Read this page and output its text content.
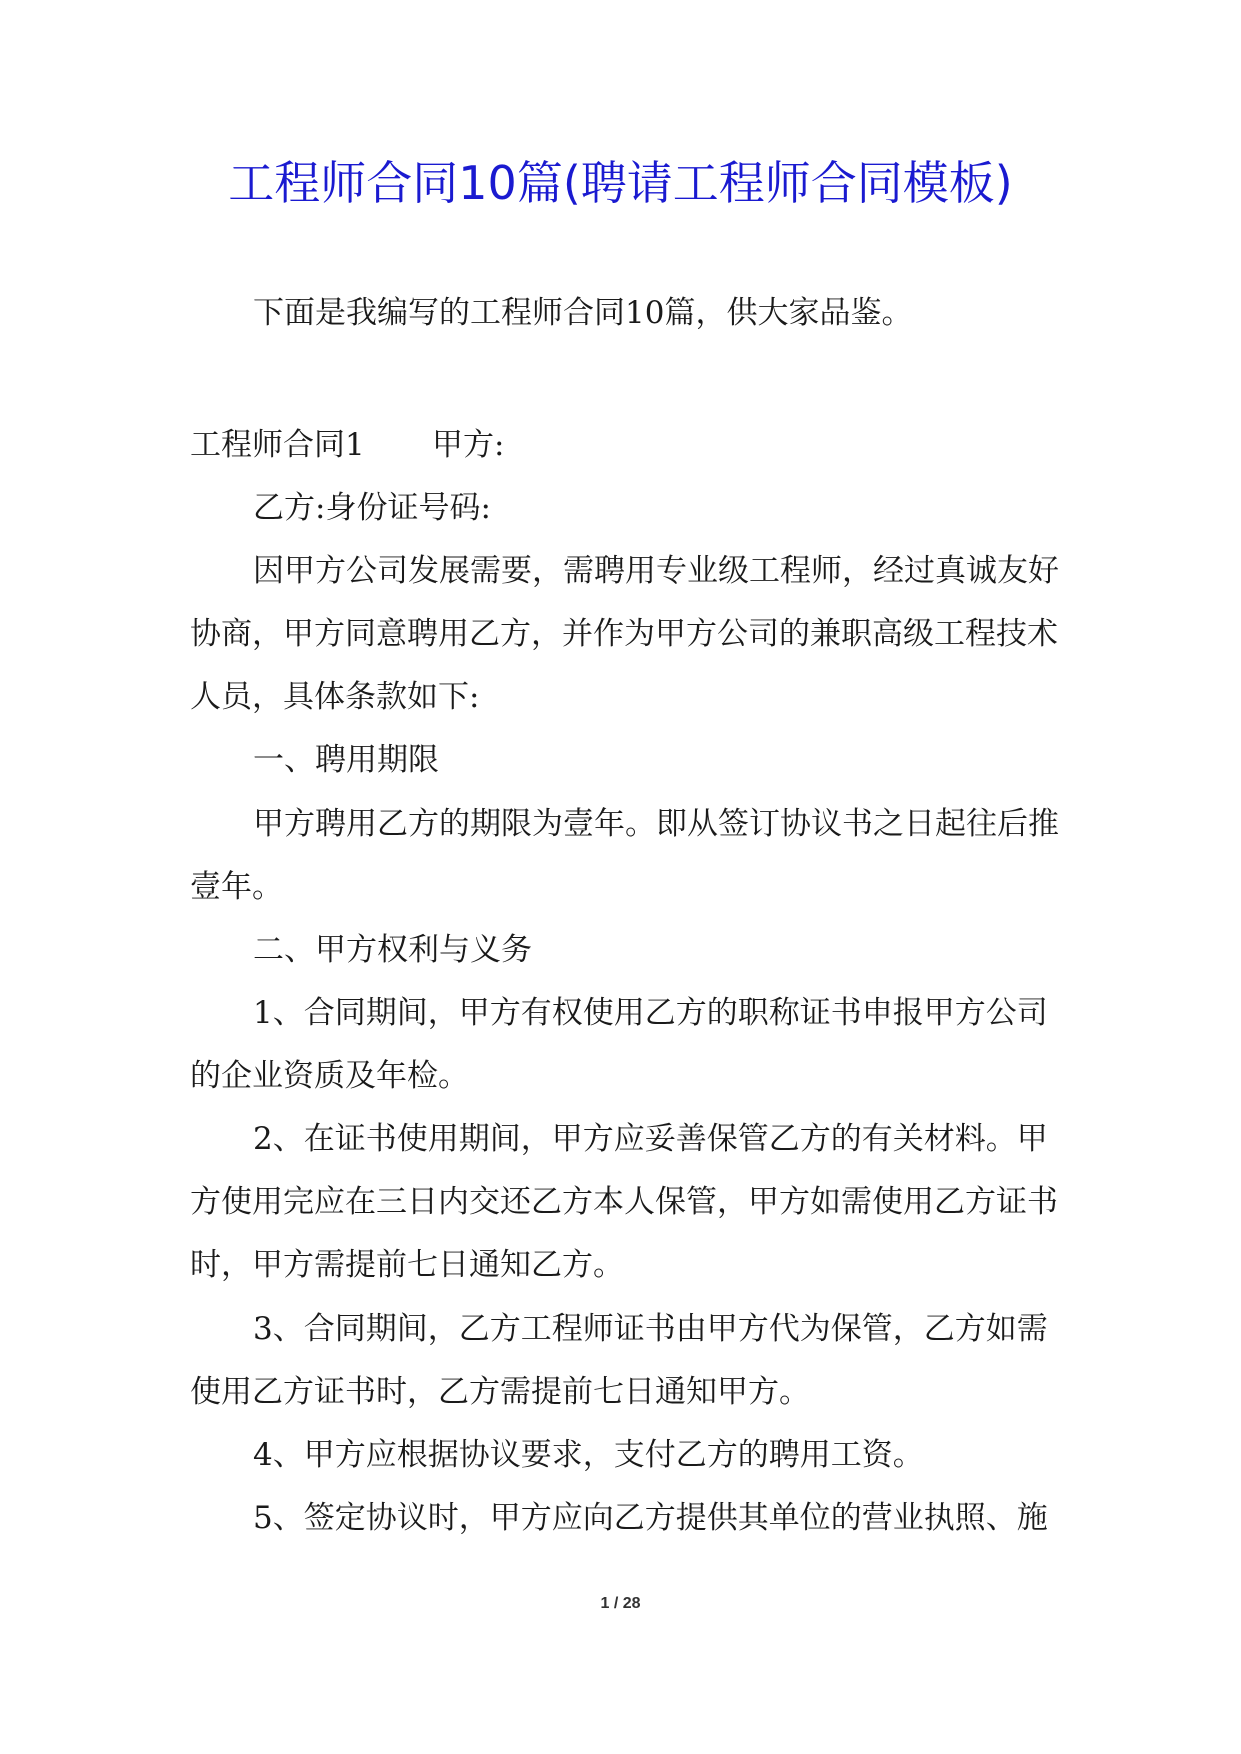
工程师合同10篇(聘请工程师合同模板)
下面是我编写的工程师合同10篇，供大家品鉴。
工程师合同1 甲方:
乙方:身份证号码:
因甲方公司发展需要，需聘用专业级工程师，经过真诚友好
协商，甲方同意聘用乙方，并作为甲方公司的兼职高级工程技术
人员，具体条款如下:
一、聘用期限
甲方聘用乙方的期限为壹年。即从签订协议书之日起往后推
壹年。
二、甲方权利与义务
1、合同期间，甲方有权使用乙方的职称证书申报甲方公司
的企业资质及年检。
2、在证书使用期间，甲方应妥善保管乙方的有关材料。甲
方使用完应在三日内交还乙方本人保管，甲方如需使用乙方证书
时，甲方需提前七日通知乙方。
3、合同期间，乙方工程师证书由甲方代为保管，乙方如需
使用乙方证书时，乙方需提前七日通知甲方。
4、甲方应根据协议要求，支付乙方的聘用工资。
5、签定协议时，甲方应向乙方提供其单位的营业执照、施
1 / 28
